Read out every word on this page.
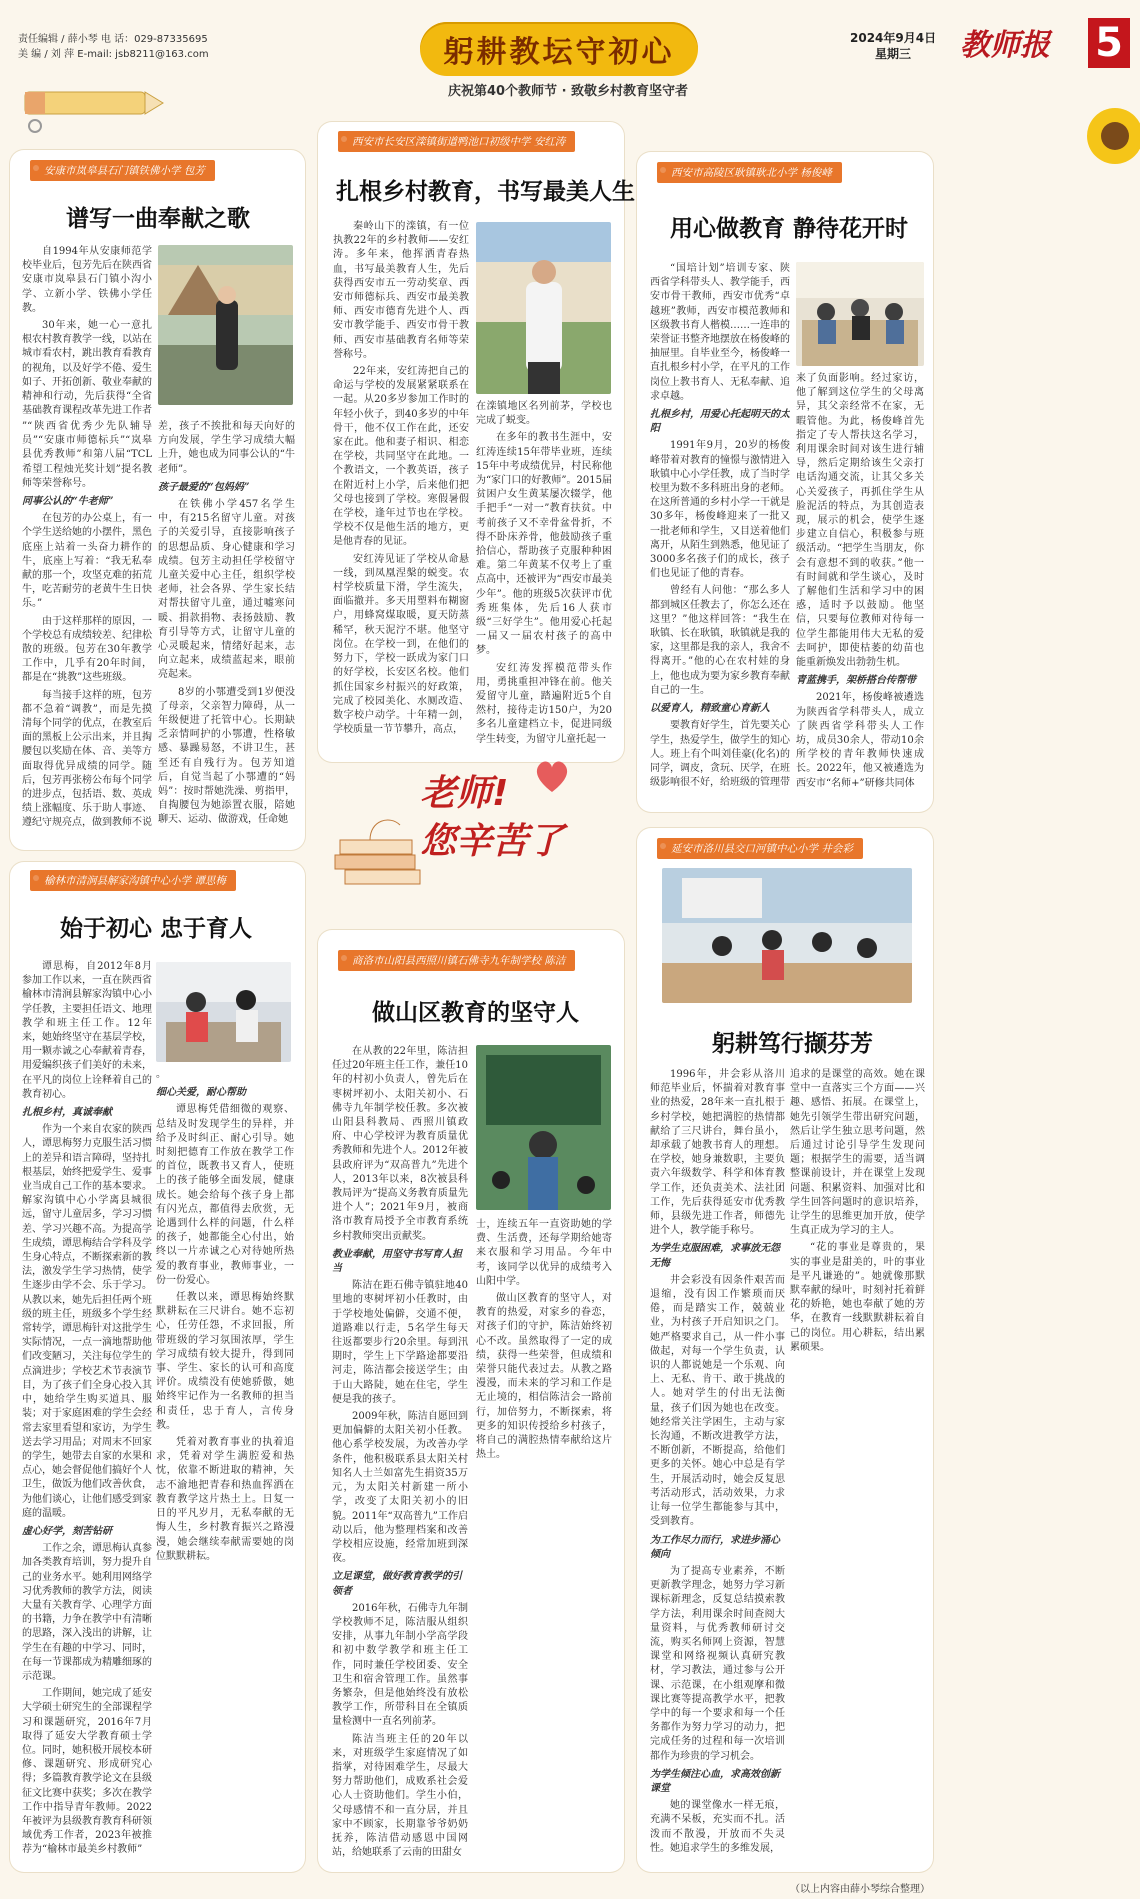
责任编辑 / 薛小琴 电 话：029-87335695
美 编 / 刘 萍 E-mail: jsb8211@163.com	躬耕教坛守初心
庆祝第40个教师节 · 致敬乡村教育坚守者
2024年9月4日
星期三	教师报 5
安康市岚皋县石门镇铁佛小学 包芳
谱写一曲奉献之歌

自1994年从安康师范学校毕业后，包芳先后在陕西省安康市岚皋县石门镇小沟小学、立新小学、铁佛小学任教。

30年来，她一心一意扎根农村教育教学一线，以站在城市看农村，跳出教育看教育的视角，以及好学不倦、爱生如子、开拓创新、敬业奉献的精神和行动，先后获得“全省基础教育课程改革先进工作者

”“陕西省优秀少先队辅导员”“安康市师德标兵”“岚皋县优秀教师”和第八届“TCL希望工程烛光奖计划”提名教师等荣誉称号。

同事公认的“牛老师”

在包芳的办公桌上，有一个学生送给她的小摆件，黑色底座上站着一头奋力耕作的牛，底座上写着：“我无私奉献的那一个，攻坚克难的拓荒牛，吃苦耐劳的老黄牛生日快乐。”

由于这样那样的原因，一个学校总有成绩较差、纪律松散的班级。包芳在30年教学工作中，几乎有20年时间，都是在“挑教”这些班级。

每当接手这样的班，包芳都不急着“调教”，而是先摸清每个同学的优点，在教室后面的黑板上公示出来，并且掏腰包以奖励在体、音、美等方面取得优异成绩的同学。随后，包芳再张榜公布每个同学的进步点，包括语、数、英成绩上涨幅度、乐于助人事迹、遵纪守规亮点，做到教师不说

差，孩子不挨批和每天向好的方向发展，学生学习成绩大幅上升，她也成为同事公认的“牛老师”。

孩子最爱的“包妈妈”

在铁佛小学457名学生中，有215名留守儿童。对孩子的关爱引导，直接影响孩子的思想品质、身心健康和学习成绩。包芳主动担任学校留守儿童关爱中心主任，组织学校老师，社会各界、学生家长结对帮扶留守儿童，通过嘘寒问暖、捐款捐物、表扬鼓励、教育引导等方式，让留守儿童的心灵暖起来，情绪好起来，志向立起来，成绩蓝起来，眼前亮起来。

8岁的小鄂遭受到1岁便没了母亲，父亲智力障碍，从一年级便进了托管中心。长期缺乏亲情呵护的小鄂遭，性格敏感、暴躁易怒，不讲卫生，甚至还有自残行为。包芳知道后，自觉当起了小鄂遭的“妈妈”：按时帮她洗澡、剪指甲，自掏腰包为她添置衣服，陪她聊天、运动、做游戏，任命她

西安市长安区滦镇街道鸭池口初级中学 安红涛
扎根乡村教育，书写最美人生

秦岭山下的滦镇，有一位执教22年的乡村教师——安红涛。多年来，他挥洒青春热血，书写最美教育人生，先后获得西安市五一劳动奖章、西安市师德标兵、西安市最美教师、西安市德育先进个人、西安市教学能手、西安市骨干教师、西安市基础教育名师等荣誉称号。

22年来，安红涛把自己的命运与学校的发展紧紧联系在一起。从20多岁参加工作时的年轻小伙子，到40多岁的中年骨干，他不仅工作在此，还安家在此。他和妻子相识、相恋在学校，共同坚守在此地。一个教语文，一个教英语，孩子在附近村上小学，后来他们把父母也接到了学校。寒假暑假在学校，逢年过节也在学校。学校不仅是他生活的地方，更是他青春的见证。

安红涛见证了学校从命悬一线，到凤凰涅槃的蜕变。农村学校质量下滑，学生流失，面临撤并。多天用塑料布糊窗户，用蜂窝煤取暖，夏天防蒸稀罕，秋天泥泞不堪。他坚守岗位。在学校一到，在他们的努力下，学校一跃成为家门口的好学校，长安区名校。他们抓住国家乡村振兴的好政策，完成了校园美化、水厕改造、数字校户动学。十年精一剑，学校质量一节节攀升，高点，

在滦镇地区名列前茅，学校也完成了蜕变。

在多年的教书生涯中，安红涛连续15年带毕业班，连续15年中考成绩优异，村民称他为“家门口的好教师”。2015届贫困户女生黄某屡次辍学，他手把手“一对一”教育扶贫。中考前孩子又不幸骨盆骨折，不得不卧床养骨，他鼓励孩子重拾信心，帮助孩子克服种种困难。第二年黄某不仅考上了重点高中，还被评为“西安市最美少年”。他的班级5次获评市优秀班集体，先后16人获市级“三好学生”。他用爱心托起一届又一届农村孩子的高中梦。

安红涛发挥模范带头作用，勇挑重担冲锋在前。他关爱留守儿童，踏遍附近5个自然村，接待走访150户，为20多名儿童建档立卡，促进同级学生转变，为留守儿童托起一

老师!
您辛苦了
西安市高陵区耿镇耿北小学 杨俊峰
用心做教育 静待花开时

“国培计划”培训专家、陕西省学科带头人、教学能手，西安市骨干教师，西安市优秀“卓越班”教师，西安市模范教师和区级教书育人楷模……一连串的荣誉证书整齐地摆放在杨俊峰的抽屉里。自毕业至今，杨俊峰一直扎根乡村小学，在平凡的工作岗位上教书育人、无私奉献、追求卓越。

扎根乡村，用爱心托起明天的太阳

1991年9月，20岁的杨俊峰带着对教育的憧憬与激情进入耿镇中心小学任教，成了当时学校里为数不多科班出身的老师。在这所普通的乡村小学一干就是30多年，杨俊峰迎来了一批又一批老师和学生，又目送着他们离开，从陌生到熟悉，他见证了3000多名孩子们的成长，孩子们也见证了他的青春。

曾经有人问他：“那么多人都到城区任教去了，你怎么还在这里？”他这样回答：“我生在耿镇、长在耿镇，耿镇就是我的家，这里都是我的亲人，我舍不得离开。”他的心在农村娃的身上，他也成为要为家乡教育奉献自己的一生。

以爱育人，精致童心育新人

要教育好学生，首先要关心学生，热爱学生，做学生的知心人。班上有个叫刘佳豪(化名)的同学，调皮，贪玩、厌学，在班级影响很不好，给班级的管理带

来了负面影响。经过家访，他了解到这位学生的父母离异，其父亲经常不在家，无暇管他。为此，杨俊峰首先指定了专人帮扶这名学习，利用课余时间对该生进行辅导，然后定期给该生父亲打电话沟通交流，让其父多关心关爱孩子，再抓住学生从脸泥活的特点，为其创造表现，展示的机会，使学生逐步建立自信心，积极参与班级活动。“把学生当朋友，你会有意想不到的收获。”他一有时间就和学生谈心，及时了解他们生活和学习中的困惑，适时予以鼓励。他坚信，只要每位教师对待每一位学生都能用伟大无私的爱去呵护，即使枯萎的幼苗也能重新焕发出勃勃生机。

青蓝携手，架桥搭台传帮带

2021年，杨俊峰被遴选为陕西省学科带头人，成立了陕西省学科带头人工作坊，成员30余人，带动10余所学校的青年教师快速成长。2022年，他又被遴选为西安市“名师+”研修共同体

榆林市清涧县解家沟镇中心小学 谭思梅
始于初心 忠于育人

谭思梅，自2012年8月参加工作以来，一直在陕西省榆林市清涧县解家沟镇中心小学任教，主要担任语文、地理教学和班主任工作。12年来，她始终坚守在基层学校，用一颗赤诚之心奉献着青春，用爱编织孩子们美好的未来，在平凡的岗位上诠释着自己的教育初心。

扎根乡村，真诚奉献

作为一个来自农家的陕西人，谭思梅努力克服生活习惯上的差异和语言障碍，坚持扎根基层，始终把爱学生、爱事业当成自己工作的基本要求。解家沟镇中心小学离县城很远，留守儿童居多，学习习惯差、学习兴趣不高。为提高学生成绩，谭思梅结合学科及学生身心特点，不断探索新的教法，激发学生学习热情，使学生逐步由学不会、乐于学习。从教以来，她先后担任两个班级的班主任，班级多个学生经常转学，谭思梅针对这批学生实际情况，一点一滴地帮助他们改变陋习，关注每位学生的点滴进步；学校艺术节表演节目，为了孩子们全身心投入其中，她给学生购买道具、服装；对于家庭困难的学生会经常去家里看望和家访，为学生送去学习用品；对周末不回家的学生，她带去自家的水果和点心，她会督促他们搞好个人卫生，做饭为他们改善伙食，为他们谈心，让他们感受到家庭的温暖。

虚心好学，刻苦钻研

工作之余，谭思梅认真参加各类教育培训，努力提升自己的业务水平。她利用网络学习优秀教师的教学方法，阅读大量有关教育学、心理学方面的书籍，力争在教学中有清晰的思路，深入浅出的讲解，让学生在有趣的中学习、同时，在每一节课都成为精雕细琢的示范课。

工作期间，她完成了延安大学硕士研究生的全部课程学习和课题研究，2016年7月取得了延安大学教育硕士学位。同时，她积极开展校本研修、课题研究、形成研究心得；多篇教育教学论文在县级征文比赛中获奖；多次在教学工作中指导青年教师。2022年被评为县级教育教育科研领域优秀工作者，2023年被推荐为“榆林市最美乡村教师”

。

细心关爱，耐心帮助

谭思梅凭借细微的观察、总结及时发现学生的异样，并给予及时纠正、耐心引导。她时刻把德育工作放在教学工作的首位，既教书又育人，使班上的孩子能够全面发展，健康成长。她会给每个孩子身上都有闪光点，都值得去欣赏，无论遇到什么样的问题，什么样的孩子，她都能全心付出，始终以一片赤诚之心对待她所热爱的教育事业，教师事业，一份一份爱心。

任教以来，谭思梅始终默默耕耘在三尺讲台。她不忘初心，任劳任怨，不求回报，所带班级的学习氛围浓厚，学生学习成绩有较大提升，得到同事、学生、家长的认可和高度评价。成绩没有使她骄傲，她始终牢记作为一名教师的担当和责任，忠于育人，言传身教。

凭着对教育事业的执着追求，凭着对学生满腔爱和热忱，依靠不断进取的精神，矢志不渝地把青春和热血挥洒在教育教学这片热土上。日复一日的平凡岁月，无私奉献的无悔人生，乡村教育振兴之路漫漫，她会继续奉献需要她的岗位默默耕耘。

商洛市山阳县西照川镇石佛寺九年制学校 陈洁
做山区教育的坚守人

在从教的22年里，陈洁担任过20年班主任工作，兼任10年的村初小负责人，曾先后在枣树坪初小、太阳关初小、石佛寺九年制学校任教。多次被山阳县科教局、西照川镇政府、中心学校评为教育质量优秀教师和先进个人。2012年被县政府评为“双高普九”先进个人，2013年以来，8次被县科教局评为“提高义务教育质量先进个人”；2021年9月，被商洛市教育局授予全市教育系统乡村教师突出贡献奖。

教业奉献，用坚守书写育人担当

陈洁在距石佛寺镇驻地40里地的枣树坪初小任教时，由于学校地处偏僻，交通不便，道路难以行走，5名学生每天往返都要步行20余里。每到汛期时，学生上下学路途都要沿河走，陈洁都会接送学生；由于山大路陡，她在住宅，学生便是我的孩子。

2009年秋，陈洁自愿回到更加偏僻的太阳关初小任教。他心系学校发展，为改善办学条件，他积极联系县太阳关村知名人士兰如富先生捐资35万元，为太阳关村新建一所小学，改变了太阳关初小的旧貌。2011年“双高普九”工作启动以后，他为整理档案和改善学校相应设施，经常加班到深夜。

立足课堂，做好教育教学的引领者

2016年秋，石佛寺九年制学校教师不足，陈洁服从组织安排，从事九年制小学高学段和初中数学教学和班主任工作，同时兼任学校团委、安全卫生和宿舍管理工作。虽然事务繁杂，但是他始终没有放松教学工作，所带科目在全镇质量检测中一直名列前茅。

陈洁当班主任的20年以来，对班级学生家庭情况了如指掌，对待困难学生，尽最大努力帮助他们，成败系社会爱心人士资助他们。学生小伯，父母感情不和一直分居，并且家中不顾家，长期靠爷爷奶奶抚养，陈洁借动感恩中国网站，给她联系了云南的田甜女

士，连续五年一直资助她的学费、生活费，还每学期给她寄来衣服和学习用品。今年中考，该同学以优异的成绩考入山阳中学。

做山区教育的坚守人，对教育的热爱，对家乡的眷恋，对孩子们的守护，陈洁始终初心不改。虽然取得了一定的成绩，获得一些荣誉，但成绩和荣誉只能代表过去。从教之路漫漫，而未来的学习和工作是无止境的，相信陈洁会一路前行，加倍努力，不断探索，将更多的知识传授给乡村孩子，将自己的满腔热情奉献给这片热土。

延安市洛川县交口河镇中心小学 井会彩
躬耕笃行撷芬芳

1996年，井会彩从洛川师范毕业后，怀揣着对教育事业的热爱，28年来一直扎根于乡村学校，她把满腔的热情都献给了三尺讲台，舞台虽小，却承载了她教书育人的理想。在学校，她身兼数职，主要负责六年级数学、科学和体育教学工作，还负责美术、法社团工作，先后获得延安市优秀教师，县级先进工作者，师德先进个人，教学能手称号。

为学生克服困难，求事放无怨无悔

井会彩没有因条件艰苦而退缩，没有因工作繁琐而厌倦，而是踏实工作，兢兢业业，为村孩子开启知识之门。她严格要求自己，从一件小事做起，对每一个学生负责，认识的人都说她是一个乐观、向上、无私、肯干、敢于挑战的人。她对学生的付出无法衡量，孩子们因为她也在改变。她经常关注学困生，主动与家长沟通，不断改进教学方法，不断创新，不断提高，给他们更多的关怀。她心中总是有学生，开展活动时，她会反复思考活动形式，活动效果，力求让每一位学生都能参与其中，受到教育。

为工作尽力而行，求进步涌心倾向

为了提高专业素养，不断更新教学理念，她努力学习新课标新理念，反复总结摸索教学方法，利用课余时间查阅大量资料，与优秀教师研讨交流，购买名师网上资源，智慧课堂和网络视频认真研究教材，学习教法，通过参与公开课、示范课，在小组观摩和微课比赛等提高教学水平，把教学中的每一个要求和每一个任务都作为努力学习的动力，把完成任务的过程和每一次培训都作为珍贵的学习机会。

为学生倾注心血，求高效创新课堂

她的课堂像水一样无痕，充满不呆板，充实而不扎。活泼而不散漫，开放而不失灵性。她追求学生的多维发展，

追求的是课堂的高效。她在课堂中一直落实三个方面——兴趣、感悟、拓展。在课堂上，她先引领学生带出研究问题，然后让学生独立思考问题，然后通过讨论引导学生发现问题；根据学生的需要，适当调整课前设计，并在课堂上发现问题、积累资料、加强对比和学生回答问题时的意识培养，让学生的思维更加开放，使学生真正成为学习的主人。

“花的事业是尊贵的，果实的事业是甜美的，叶的事业是平凡谦逊的”。她就像那默默奉献的绿叶，时刻衬托着鲜花的娇艳，她也奉献了她的芳华，在教育一线默默耕耘着自己的岗位。用心耕耘，结出累累硕果。

（以上内容由薛小琴综合整理）
